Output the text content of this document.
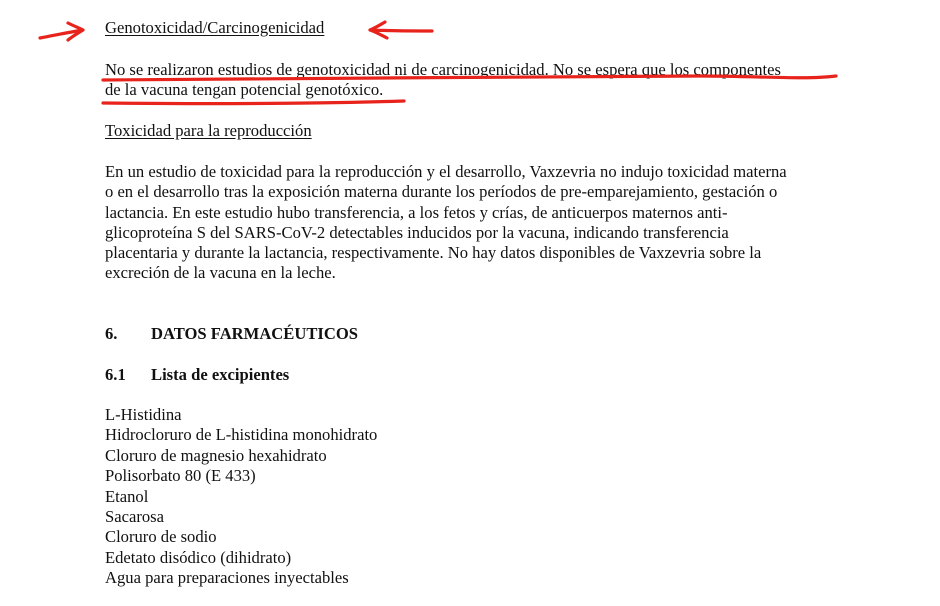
Genotoxicidad/Carcinogenicidad
No se realizaron estudios de genotoxicidad ni de carcinogenicidad. No se espera que los componentes
de la vacuna tengan potencial genotóxico.
Toxicidad para la reproducción
En un estudio de toxicidad para la reproducción y el desarrollo, Vaxzevria no indujo toxicidad materna
o en el desarrollo tras la exposición materna durante los períodos de pre-emparejamiento, gestación o
lactancia. En este estudio hubo transferencia, a los fetos y crías, de anticuerpos maternos anti-
glicoproteína S del SARS-CoV-2 detectables inducidos por la vacuna, indicando transferencia
placentaria y durante la lactancia, respectivamente. No hay datos disponibles de Vaxzevria sobre la
excreción de la vacuna en la leche.
6. DATOS FARMACÉUTICOS
6.1 Lista de excipientes
L-Histidina
Hidrocloruro de L-histidina monohidrato
Cloruro de magnesio hexahidrato
Polisorbato 80 (E 433)
Etanol
Sacarosa
Cloruro de sodio
Edetato disódico (dihidrato)
Agua para preparaciones inyectables
